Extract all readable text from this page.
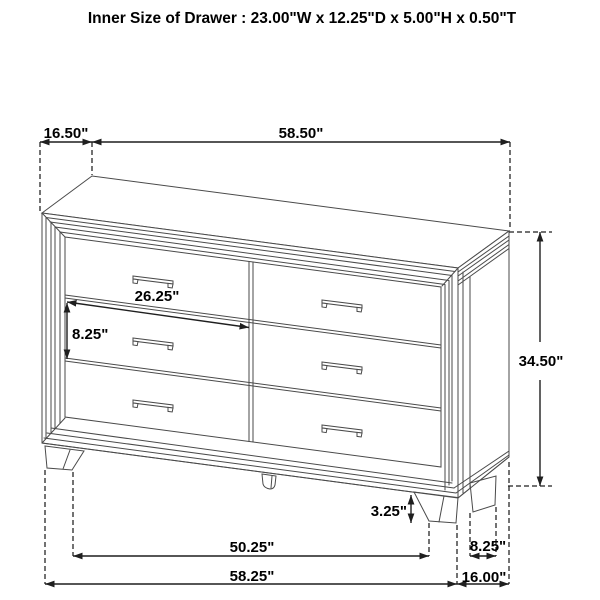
Inner Size of Drawer : 23.00"W x 12.25"D x 5.00"H x 0.50"T
16.50"	58.50"
26.25"
8.25"
34.50"
3.25"
50.25"
58.25"
8.25"
16.00"
